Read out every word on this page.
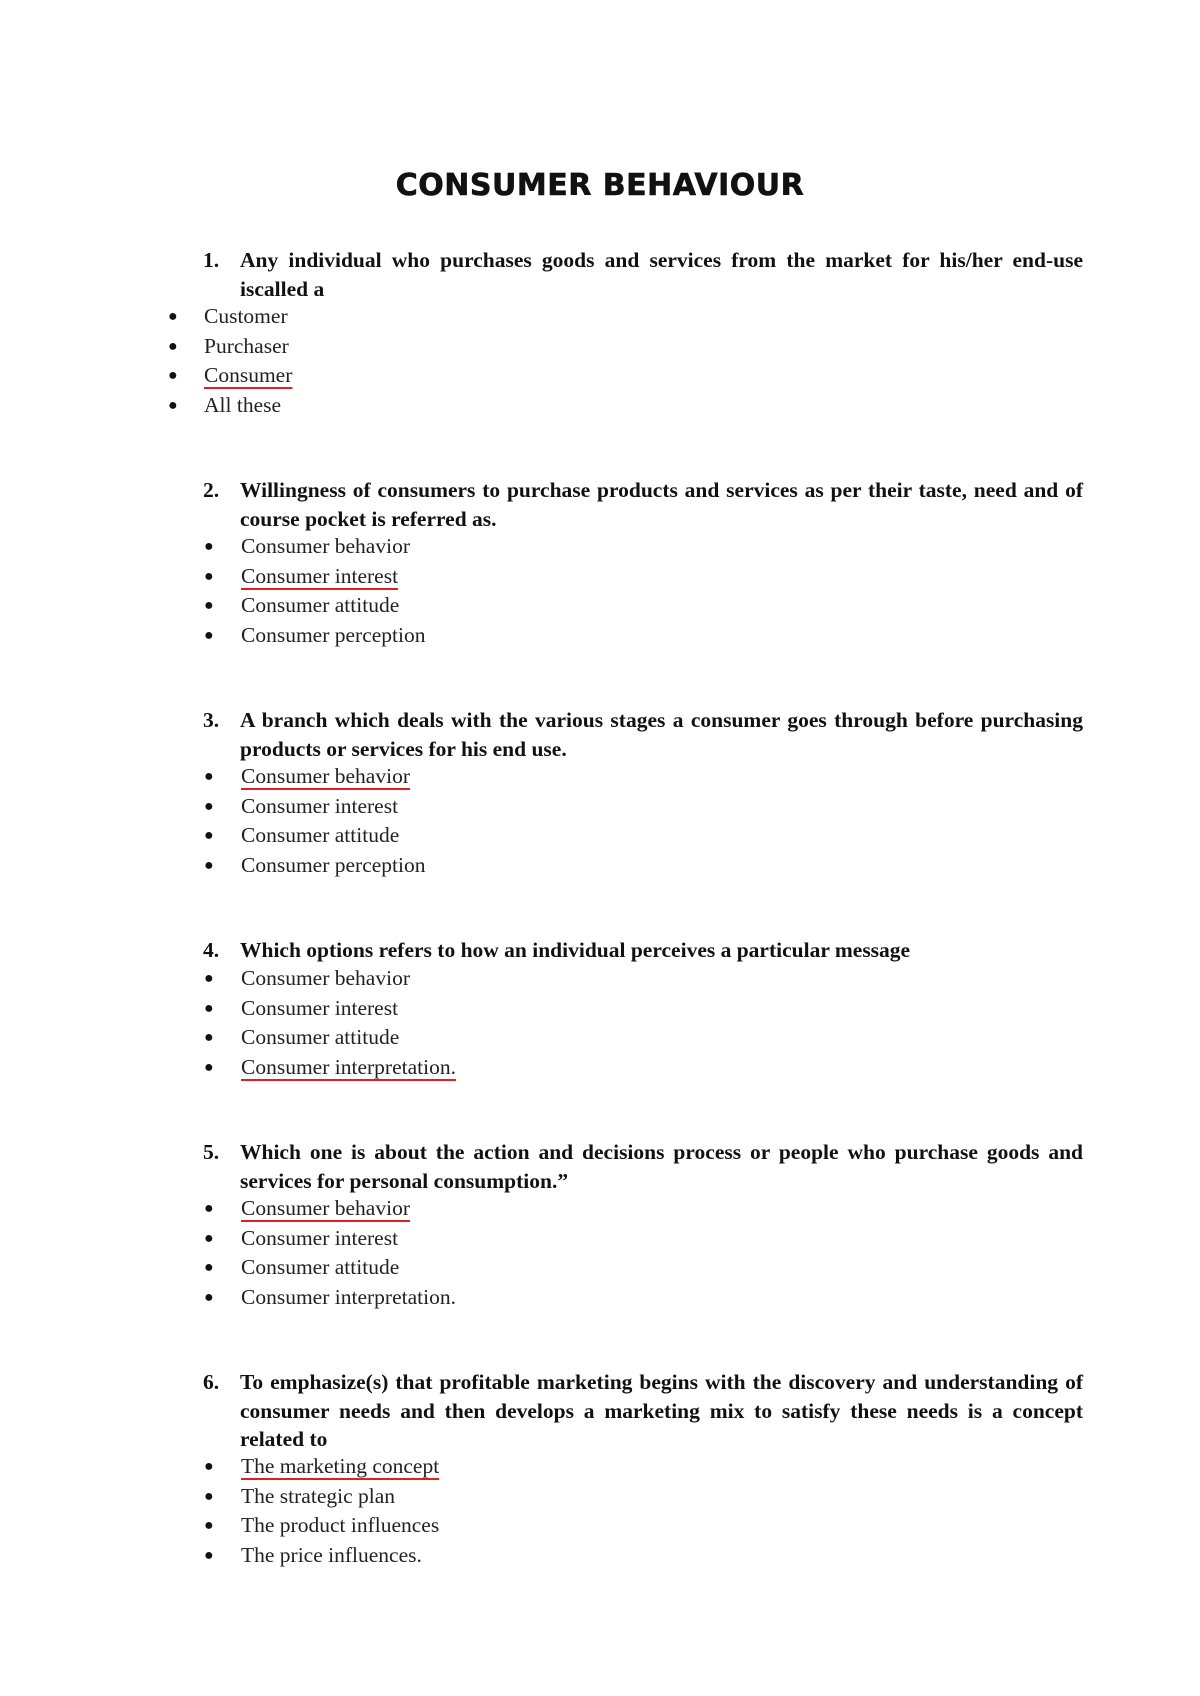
CONSUMER BEHAVIOUR
1. Any individual who purchases goods and services from the market for his/her end-use iscalled a
● Customer
● Purchaser
● Consumer
● All these
2. Willingness of consumers to purchase products and services as per their taste, need and of course pocket is referred as.
● Consumer behavior
● Consumer interest
● Consumer attitude
● Consumer perception
3. A branch which deals with the various stages a consumer goes through before purchasing products or services for his end use.
● Consumer behavior
● Consumer interest
● Consumer attitude
● Consumer perception
4. Which options refers to how an individual perceives a particular message
● Consumer behavior
● Consumer interest
● Consumer attitude
● Consumer interpretation.
5. Which one is about the action and decisions process or people who purchase goods and services for personal consumption.”
● Consumer behavior
● Consumer interest
● Consumer attitude
● Consumer interpretation.
6. To emphasize(s) that profitable marketing begins with the discovery and understanding of consumer needs and then develops a marketing mix to satisfy these needs is a concept related to
● The marketing concept
● The strategic plan
● The product influences
● The price influences.
